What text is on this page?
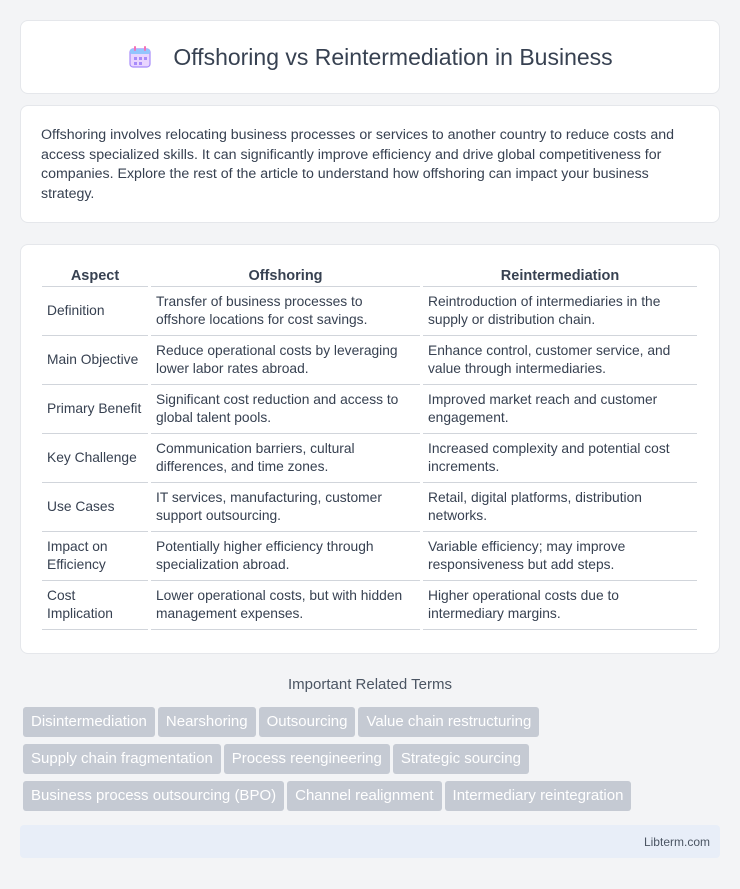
Offshoring vs Reintermediation in Business

Offshoring involves relocating business processes or services to another country to reduce costs and access specialized skills. It can significantly improve efficiency and drive global competitiveness for companies. Explore the rest of the article to understand how offshoring can impact your business strategy.

Aspect	Offshoring	Reintermediation
Definition	Transfer of business processes to offshore locations for cost savings.	Reintroduction of intermediaries in the supply or distribution chain.
Main Objective	Reduce operational costs by leveraging lower labor rates abroad.	Enhance control, customer service, and value through intermediaries.
Primary Benefit	Significant cost reduction and access to global talent pools.	Improved market reach and customer engagement.
Key Challenge	Communication barriers, cultural differences, and time zones.	Increased complexity and potential cost increments.
Use Cases	IT services, manufacturing, customer support outsourcing.	Retail, digital platforms, distribution networks.
Impact on Efficiency	Potentially higher efficiency through specialization abroad.	Variable efficiency; may improve responsiveness but add steps.
Cost Implication	Lower operational costs, but with hidden management expenses.	Higher operational costs due to intermediary margins.
Important Related Terms
Disintermediation Nearshoring Outsourcing Value chain restructuring
Supply chain fragmentation Process reengineering Strategic sourcing
Business process outsourcing (BPO) Channel realignment Intermediary reintegration
Libterm.com
